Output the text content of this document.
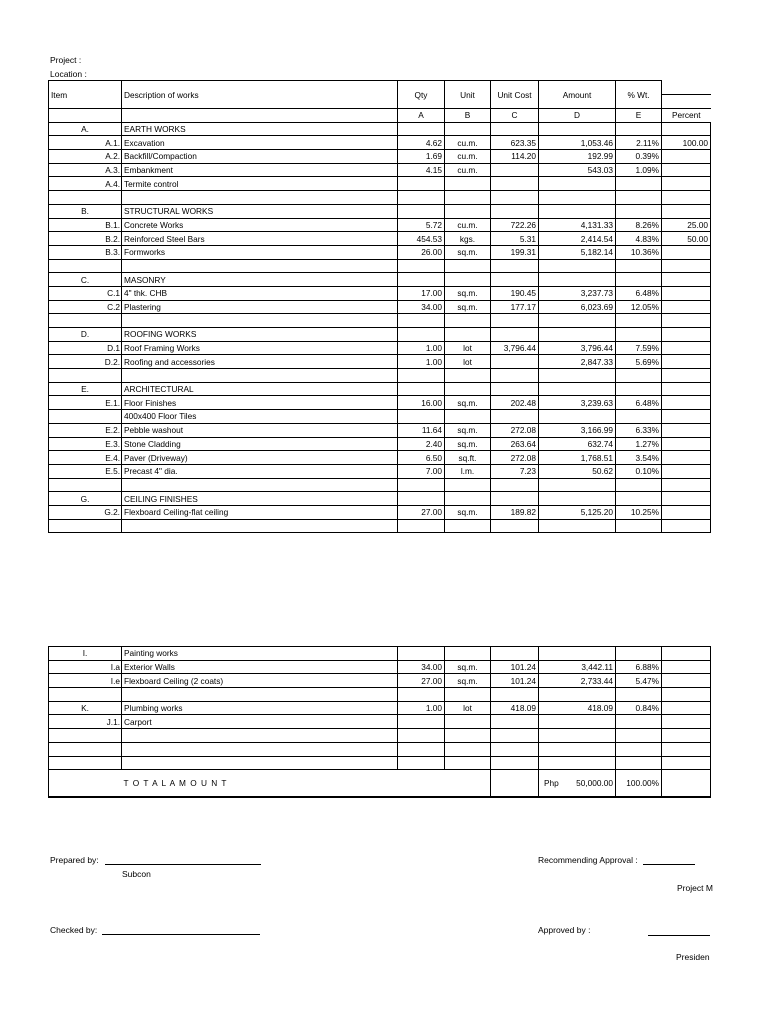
Project :
Location :
Item	Description of works	Qty	Unit	Unit Cost	Amount	% Wt.	

		A	B	C	D	E	Percent
A.	EARTH WORKS						
A.1.	Excavation	4.62	cu.m.	623.35	1,053.46	2.11%	100.00
A.2.	Backfill/Compaction	1.69	cu.m.	114.20	192.99	0.39%	
A.3.	Embankment	4.15	cu.m.		543.03	1.09%	
A.4.	Termite control						

B.	STRUCTURAL WORKS						
B.1.	Concrete Works	5.72	cu.m.	722.26	4,131.33	8.26%	25.00
B.2.	Reinforced Steel Bars	454.53	kgs.	5.31	2,414.54	4.83%	50.00
B.3.	Formworks	26.00	sq.m.	199.31	5,182.14	10.36%	

C.	MASONRY						
C.1	4" thk. CHB	17.00	sq.m.	190.45	3,237.73	6.48%	
C.2	Plastering	34.00	sq.m.	177.17	6,023.69	12.05%	

D.	ROOFING WORKS						
D.1	Roof Framing Works	1.00	lot	3,796.44	3,796.44	7.59%	
D.2.	Roofing and accessories	1.00	lot		2,847.33	5.69%	

E.	ARCHITECTURAL						
E.1.	Floor Finishes	16.00	sq.m.	202.48	3,239.63	6.48%	
	400x400 Floor Tiles						
E.2.	Pebble washout	11.64	sq.m.	272.08	3,166.99	6.33%	
E.3.	Stone Cladding	2.40	sq.m.	263.64	632.74	1.27%	
E.4.	Paver (Driveway)	6.50	sq.ft.	272.08	1,768.51	3.54%	
E.5.	Precast 4" dia.	7.00	l.m.	7.23	50.62	0.10%	

G.	CEILING FINISHES						
G.2.	Flexboard Ceiling-flat ceiling	27.00	sq.m.	189.82	5,125.20	10.25%	

I.	Painting works						
I.a	Exterior Walls	34.00	sq.m.	101.24	3,442.11	6.88%	
I.e	Flexboard Ceiling (2 coats)	27.00	sq.m.	101.24	2,733.44	5.47%	

K.	Plumbing works	1.00	lot	418.09	418.09	0.84%	
J.1.	Carport						

	T O T A L A M O U N T				Php 50,000.00	100.00%	
Prepared by:
Subcon
Recommending Approval :
Project M
Checked by:	Approved by :
Presiden
